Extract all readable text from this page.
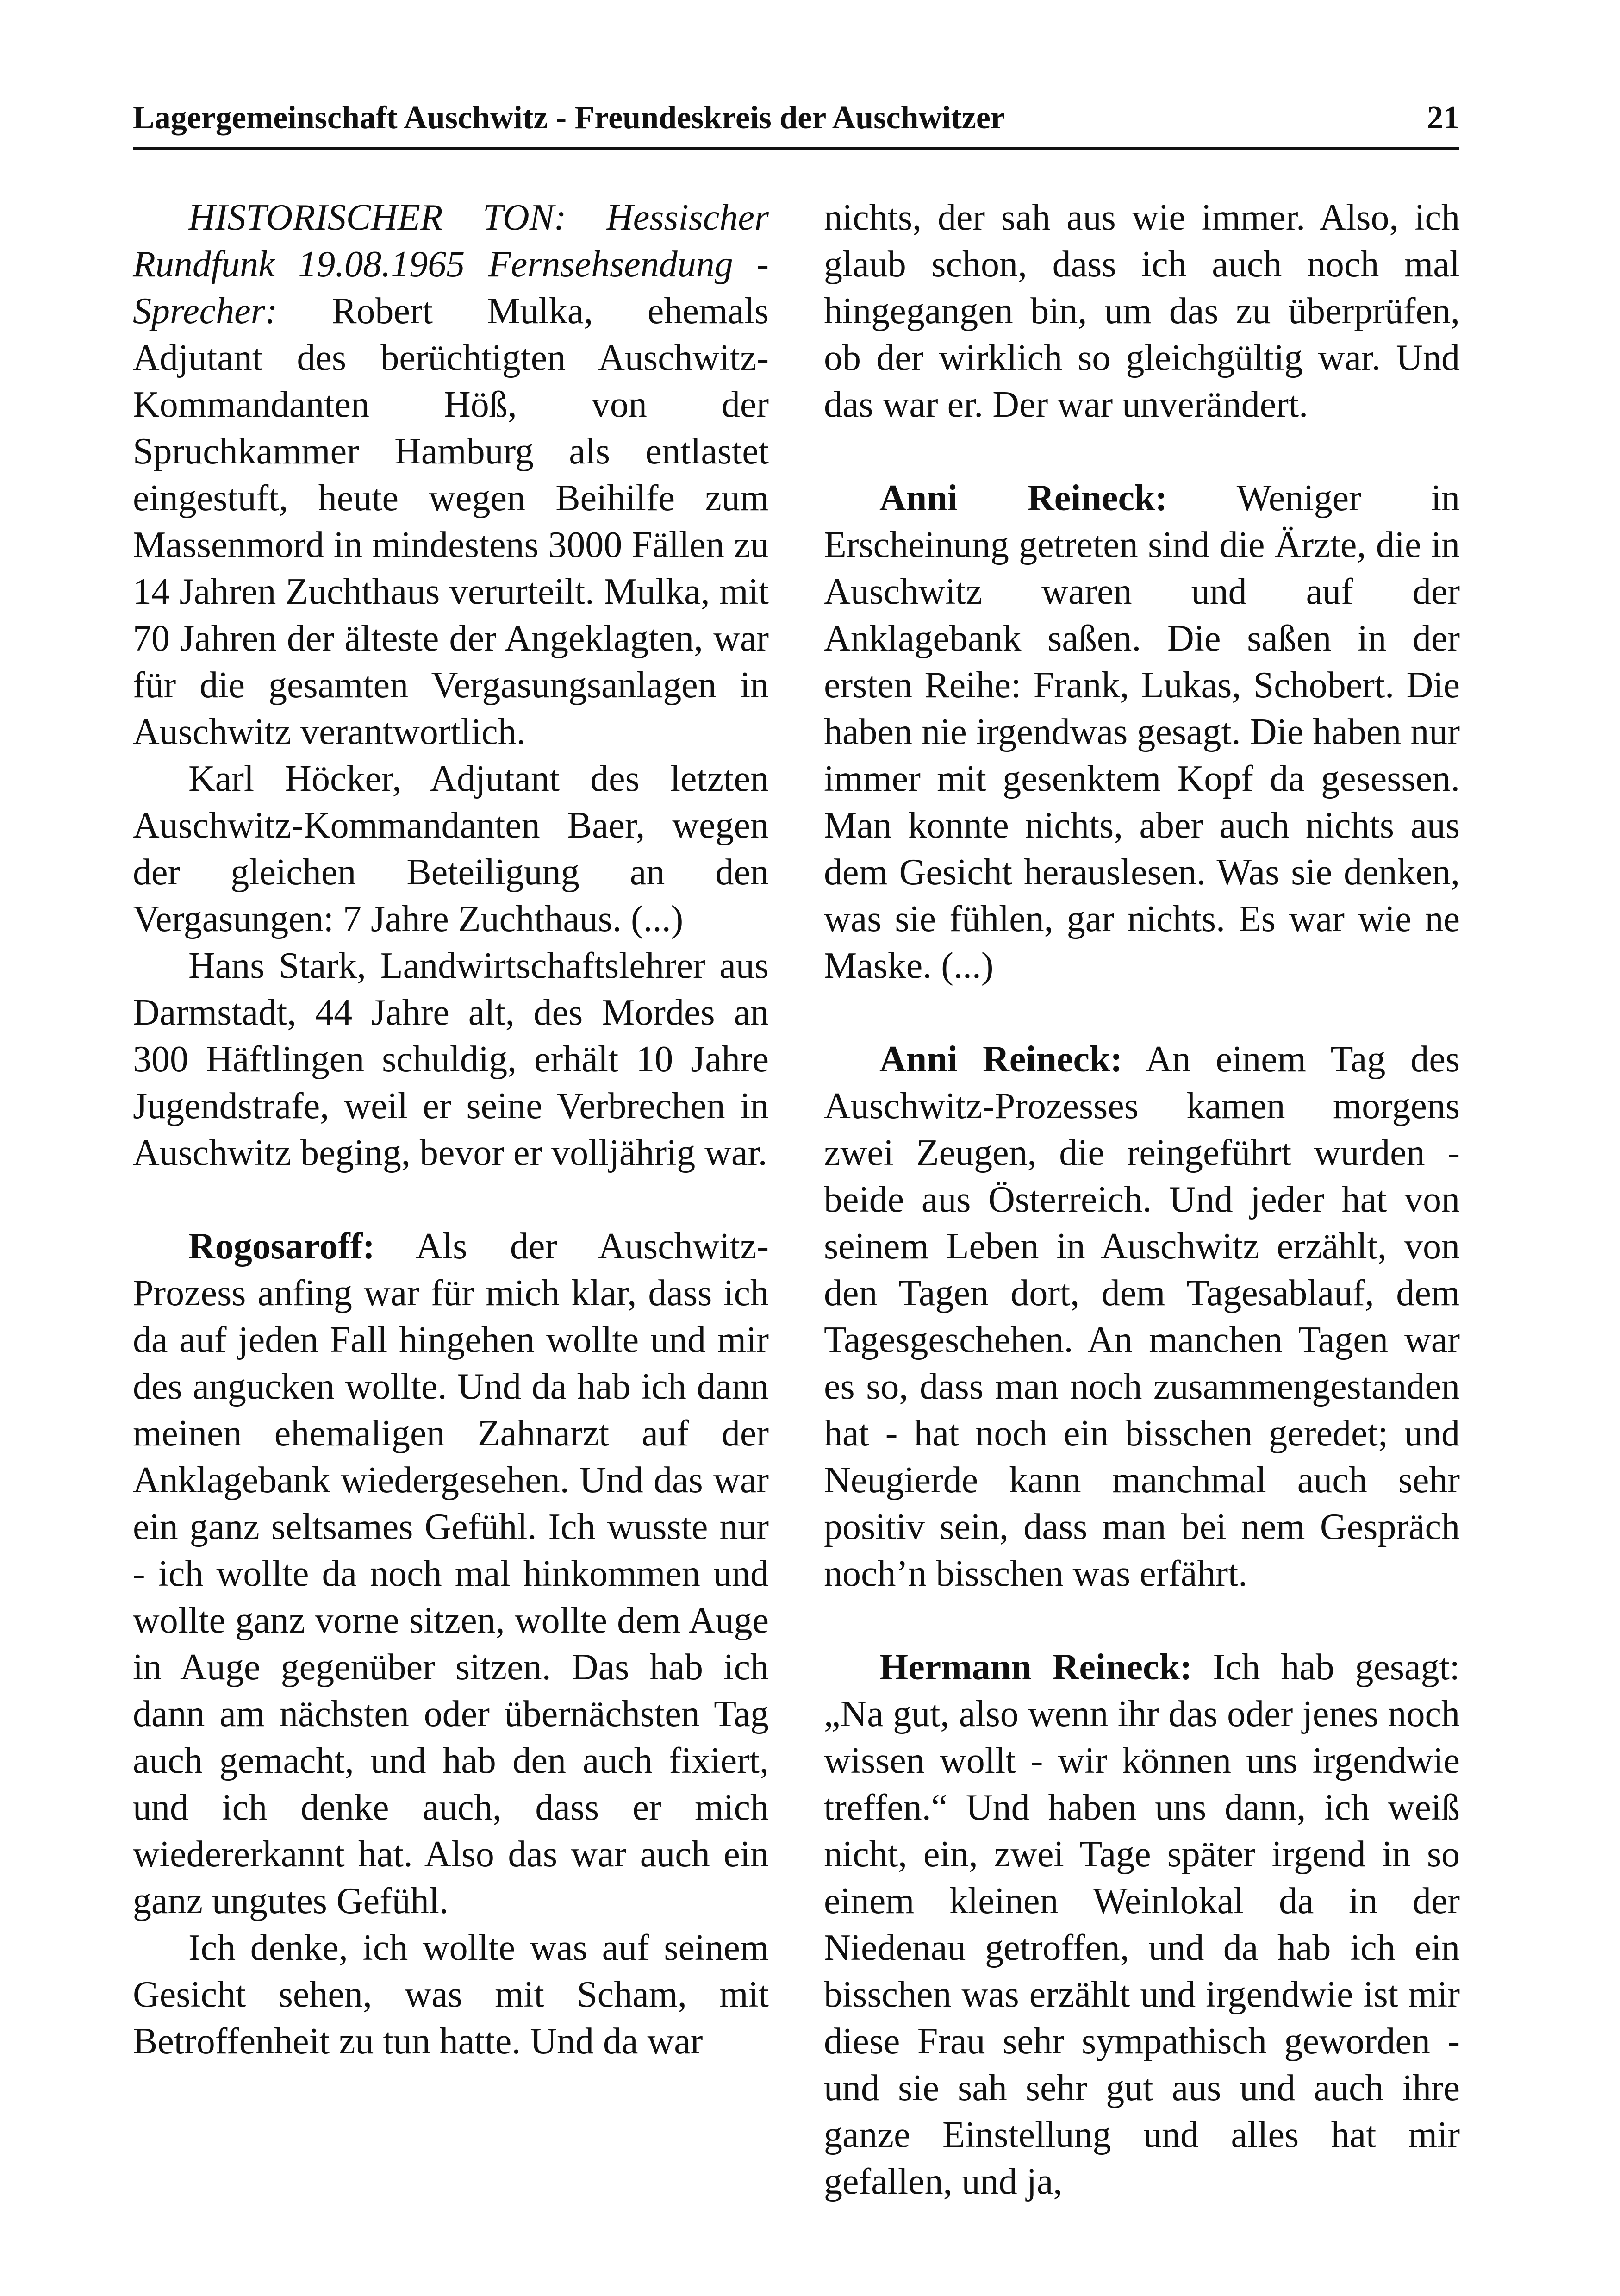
Lagergemeinschaft Auschwitz - Freundeskreis der Auschwitzer	21

HISTORISCHER TON: Hessischer Rundfunk 19.08.1965 Fernsehsendung - Sprecher: Robert Mulka, ehemals Adjutant des berüchtigten Auschwitz-Kommandanten Höß, von der Spruchkammer Hamburg als entlastet eingestuft, heute wegen Beihilfe zum Massenmord in mindestens 3000 Fällen zu 14 Jahren Zuchthaus verurteilt. Mulka, mit 70 Jahren der älteste der Angeklagten, war für die gesamten Vergasungsanlagen in Auschwitz verantwortlich.

Karl Höcker, Adjutant des letzten Auschwitz-Kommandanten Baer, wegen der gleichen Beteiligung an den Vergasungen: 7 Jahre Zuchthaus. (...)

Hans Stark, Landwirtschaftslehrer aus Darmstadt, 44 Jahre alt, des Mordes an 300 Häftlingen schuldig, erhält 10 Jahre Jugendstrafe, weil er seine Verbrechen in Auschwitz beging, bevor er volljährig war.

Rogosaroff: Als der Auschwitz-Prozess anfing war für mich klar, dass ich da auf jeden Fall hingehen wollte und mir des angucken wollte. Und da hab ich dann meinen ehemaligen Zahnarzt auf der Anklagebank wiedergesehen. Und das war ein ganz seltsames Gefühl. Ich wusste nur - ich wollte da noch mal hinkommen und wollte ganz vorne sitzen, wollte dem Auge in Auge gegenüber sitzen. Das hab ich dann am nächsten oder übernächsten Tag auch gemacht, und hab den auch fixiert, und ich denke auch, dass er mich wiedererkannt hat. Also das war auch ein ganz ungutes Gefühl.

Ich denke, ich wollte was auf seinem Gesicht sehen, was mit Scham, mit Betroffenheit zu tun hatte. Und da war

nichts, der sah aus wie immer. Also, ich glaub schon, dass ich auch noch mal hingegangen bin, um das zu überprüfen, ob der wirklich so gleichgültig war. Und das war er. Der war unverändert.

Anni Reineck: Weniger in Erscheinung getreten sind die Ärzte, die in Auschwitz waren und auf der Anklagebank saßen. Die saßen in der ersten Reihe: Frank, Lukas, Schobert. Die haben nie irgendwas gesagt. Die haben nur immer mit gesenktem Kopf da gesessen. Man konnte nichts, aber auch nichts aus dem Gesicht herauslesen. Was sie denken, was sie fühlen, gar nichts. Es war wie ne Maske. (...)

Anni Reineck: An einem Tag des Auschwitz-Prozesses kamen morgens zwei Zeugen, die reingeführt wurden - beide aus Österreich. Und jeder hat von seinem Leben in Auschwitz erzählt, von den Tagen dort, dem Tagesablauf, dem Tagesgeschehen. An manchen Tagen war es so, dass man noch zusammengestanden hat - hat noch ein bisschen geredet; und Neugierde kann manchmal auch sehr positiv sein, dass man bei nem Gespräch noch’n bisschen was erfährt.

Hermann Reineck: Ich hab gesagt: „Na gut, also wenn ihr das oder jenes noch wissen wollt - wir können uns irgendwie treffen.“ Und haben uns dann, ich weiß nicht, ein, zwei Tage später irgend in so einem kleinen Weinlokal da in der Niedenau getroffen, und da hab ich ein bisschen was erzählt und irgendwie ist mir diese Frau sehr sympathisch geworden - und sie sah sehr gut aus und auch ihre ganze Einstellung und alles hat mir gefallen, und ja,
